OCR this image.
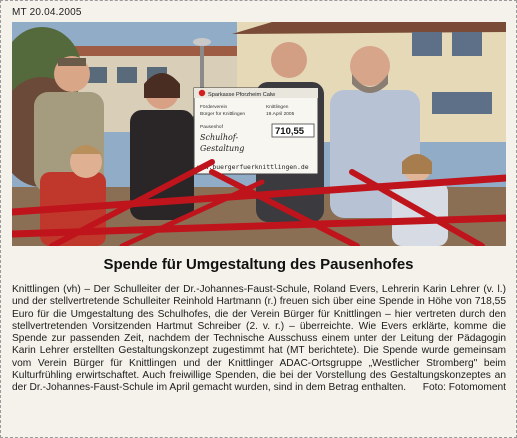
MT 20.04.2005
Sparkasse Pforzheim Calw
Förderverein
Bürger für Knittlingen
Pausenhof
Schulhof-
Gestaltung
Knittlingen
19.April 2005
710,55
www.buergerfuerknittlingen.de
Spende für Umgestaltung des Pausenhofes
Knittlingen (vh) – Der Schulleiter der Dr.-Johannes-Faust-Schule, Roland Evers, Lehrerin Karin Lehrer (v. l.) und der stellvertretende Schulleiter Reinhold Hartmann (r.) freuen sich über eine Spende in Höhe von 718,55 Euro für die Umgestaltung des Schulhofes, die der Verein Bürger für Knittlingen – hier vertreten durch den stellvertretenden Vorsitzenden Hartmut Schreiber (2. v. r.) – überreichte. Wie Evers erklärte, komme die Spende zur passenden Zeit, nachdem der Technische Ausschuss einem unter der Leitung der Pädagogin Karin Lehrer erstellten Gestaltungskonzept zugestimmt hat (MT berichtete). Die Spende wurde gemeinsam vom Verein Bürger für Knittlingen und der Knittlinger ADAC-Ortsgruppe „Westlicher Stromberg" beim Kulturfrühling erwirtschaftet. Auch freiwillige Spenden, die bei der Vorstellung des Gestaltungskonzeptes an der Dr.-Johannes-Faust-Schule im April gemacht wurden, sind in dem Betrag enthalten. Foto: Fotomoment
